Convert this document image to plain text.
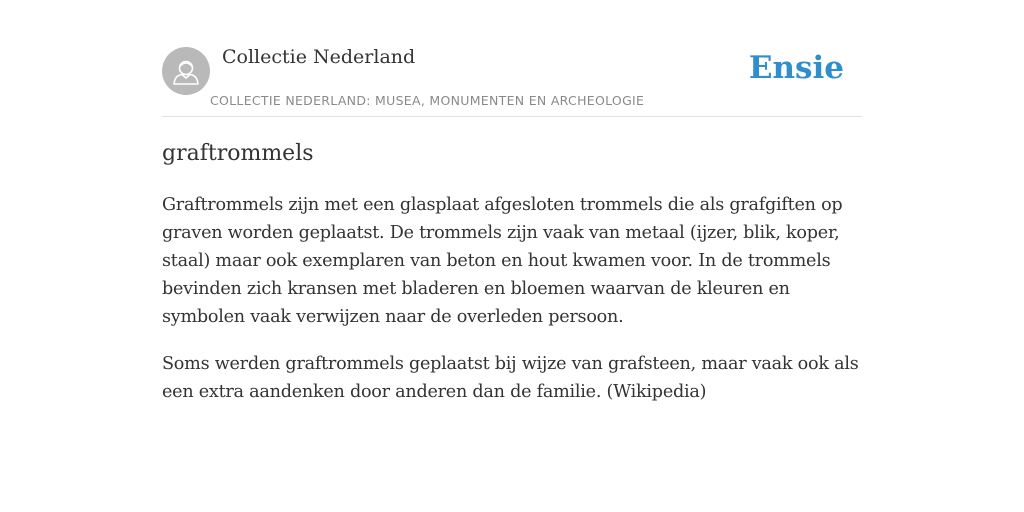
Collectie Nederland
COLLECTIE NEDERLAND: MUSEA, MONUMENTEN EN ARCHEOLOGIE
Ensie
graftrommels

Graftrommels zijn met een glasplaat afgesloten trommels die als grafgiften op graven worden geplaatst. De trommels zijn vaak van metaal (ijzer, blik, koper, staal) maar ook exemplaren van beton en hout kwamen voor. In de trommels bevinden zich kransen met bladeren en bloemen waarvan de kleuren en symbolen vaak verwijzen naar de overleden persoon.

Soms werden graftrommels geplaatst bij wijze van grafsteen, maar vaak ook als een extra aandenken door anderen dan de familie. (Wikipedia)
